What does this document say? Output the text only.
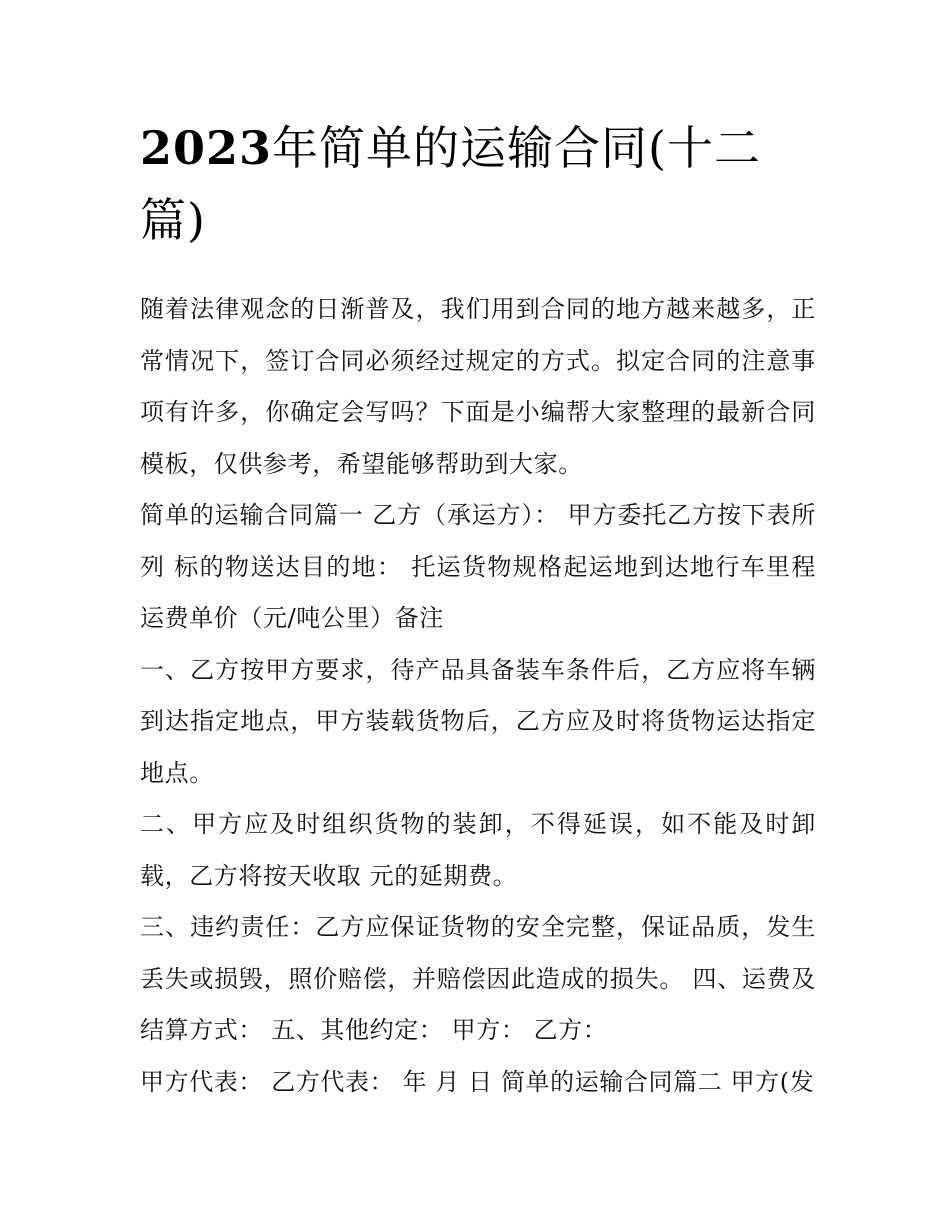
2023年简单的运输合同(十二篇)

随着法律观念的日渐普及，我们用到合同的地方越来越多，正常情况下，签订合同必须经过规定的方式。拟定合同的注意事项有许多，你确定会写吗？下面是小编帮大家整理的最新合同模板，仅供参考，希望能够帮助到大家。

简单的运输合同篇一 乙方（承运方）： 甲方委托乙方按下表所列 标的物送达目的地： 托运货物规格起运地到达地行车里程运费单价（元/吨公里）备注

一、乙方按甲方要求，待产品具备装车条件后，乙方应将车辆到达指定地点，甲方装载货物后，乙方应及时将货物运达指定地点。

二、甲方应及时组织货物的装卸，不得延误，如不能及时卸载，乙方将按天收取 元的延期费。

三、违约责任：乙方应保证货物的安全完整，保证品质，发生丢失或损毁，照价赔偿，并赔偿因此造成的损失。 四、运费及结算方式： 五、其他约定： 甲方： 乙方：

甲方代表： 乙方代表： 年 月 日 简单的运输合同篇二 甲方(发
